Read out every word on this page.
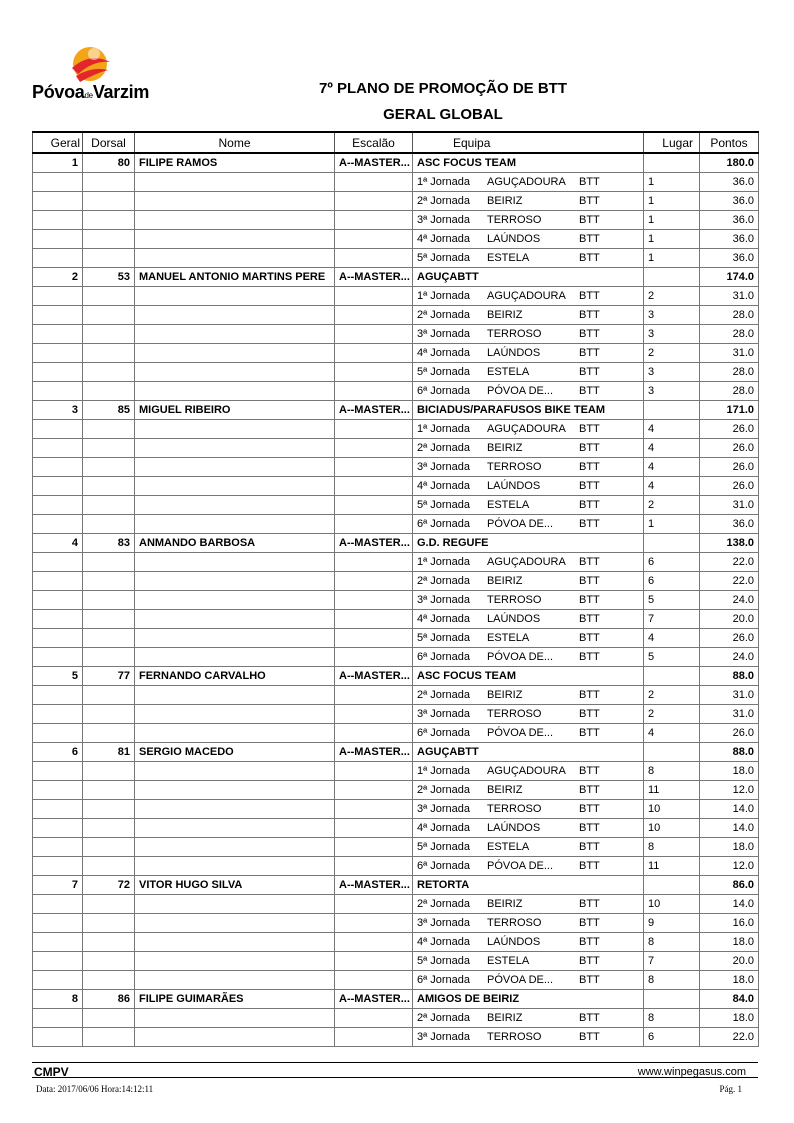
PóvoadeVarzim	7º PLANO DE PROMOÇÃO DE BTT
GERAL GLOBAL
Geral	Dorsal	Nome	Escalão	Equipa	Lugar	Pontos
1	80	FILIPE RAMOS	A--MASTER...	ASC FOCUS TEAM		180.0
				1ª Jornada AGUÇADOURA BTT	1	36.0
				2ª Jornada BEIRIZ BTT	1	36.0
				3ª Jornada TERROSO BTT	1	36.0
				4ª Jornada LAÚNDOS BTT	1	36.0
				5ª Jornada ESTELA BTT	1	36.0
2	53	MANUEL ANTONIO MARTINS PERE	A--MASTER...	AGUÇABTT		174.0
				1ª Jornada AGUÇADOURA BTT	2	31.0
				2ª Jornada BEIRIZ BTT	3	28.0
				3ª Jornada TERROSO BTT	3	28.0
				4ª Jornada LAÚNDOS BTT	2	31.0
				5ª Jornada ESTELA BTT	3	28.0
				6ª Jornada PÓVOA DE... BTT	3	28.0
3	85	MIGUEL RIBEIRO	A--MASTER...	BICIADUS/PARAFUSOS BIKE TEAM		171.0
				1ª Jornada AGUÇADOURA BTT	4	26.0
				2ª Jornada BEIRIZ BTT	4	26.0
				3ª Jornada TERROSO BTT	4	26.0
				4ª Jornada LAÚNDOS BTT	4	26.0
				5ª Jornada ESTELA BTT	2	31.0
				6ª Jornada PÓVOA DE... BTT	1	36.0
4	83	ANMANDO BARBOSA	A--MASTER...	G.D. REGUFE		138.0
				1ª Jornada AGUÇADOURA BTT	6	22.0
				2ª Jornada BEIRIZ BTT	6	22.0
				3ª Jornada TERROSO BTT	5	24.0
				4ª Jornada LAÚNDOS BTT	7	20.0
				5ª Jornada ESTELA BTT	4	26.0
				6ª Jornada PÓVOA DE... BTT	5	24.0
5	77	FERNANDO CARVALHO	A--MASTER...	ASC FOCUS TEAM		88.0
				2ª Jornada BEIRIZ BTT	2	31.0
				3ª Jornada TERROSO BTT	2	31.0
				6ª Jornada PÓVOA DE... BTT	4	26.0
6	81	SERGIO MACEDO	A--MASTER...	AGUÇABTT		88.0
				1ª Jornada AGUÇADOURA BTT	8	18.0
				2ª Jornada BEIRIZ BTT	11	12.0
				3ª Jornada TERROSO BTT	10	14.0
				4ª Jornada LAÚNDOS BTT	10	14.0
				5ª Jornada ESTELA BTT	8	18.0
				6ª Jornada PÓVOA DE... BTT	11	12.0
7	72	VITOR HUGO SILVA	A--MASTER...	RETORTA		86.0
				2ª Jornada BEIRIZ BTT	10	14.0
				3ª Jornada TERROSO BTT	9	16.0
				4ª Jornada LAÚNDOS BTT	8	18.0
				5ª Jornada ESTELA BTT	7	20.0
				6ª Jornada PÓVOA DE... BTT	8	18.0
8	86	FILIPE GUIMARÃES	A--MASTER...	AMIGOS DE BEIRIZ		84.0
				2ª Jornada BEIRIZ BTT	8	18.0
				3ª Jornada TERROSO BTT	6	22.0
CMPV	www.winpegasus.com
Data: 2017/06/06 Hora:14:12:11	Pág. 1
